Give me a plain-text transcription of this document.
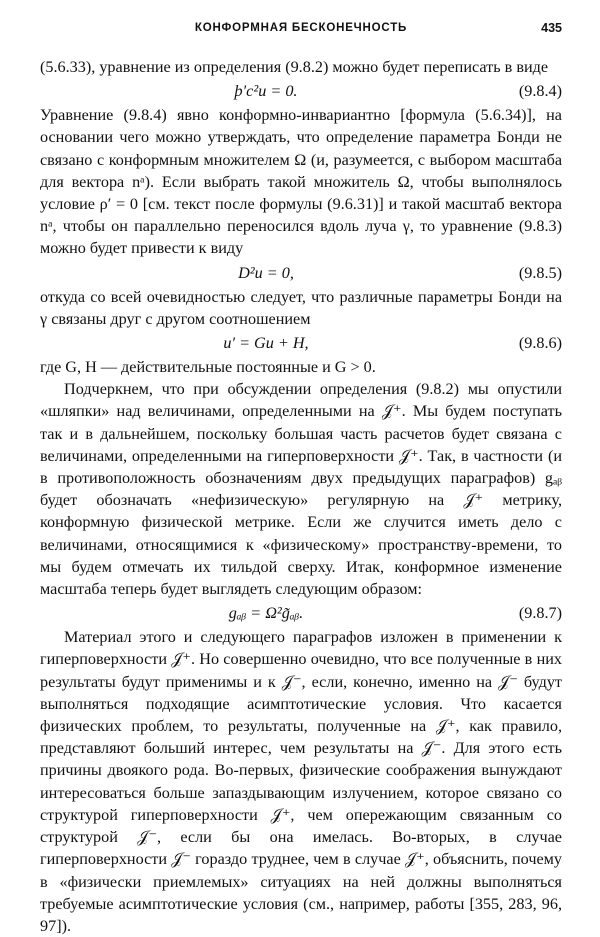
КОНФОРМНАЯ БЕСКОНЕЧНОСТЬ	435

(5.6.33), уравнение из определения (9.8.2) можно будет переписать в виде

þ′c²u = 0.	(9.8.4)

Уравнение (9.8.4) явно конформно-инвариантно [формула (5.6.34)], на основании чего можно утверждать, что определение параметра Бонди не связано с конформным множителем Ω (и, разумеется, с выбором масштаба для вектора nᵃ). Если выбрать такой множитель Ω, чтобы выполнялось условие ρ′ = 0 [см. текст после формулы (9.6.31)] и такой масштаб вектора nᵃ, чтобы он параллельно переносился вдоль луча γ, то уравнение (9.8.3) можно будет привести к виду

D²u = 0,	(9.8.5)

откуда со всей очевидностью следует, что различные параметры Бонди на γ связаны друг с другом соотношением

u′ = Gu + H,	(9.8.6)

где G, H — действительные постоянные и G > 0.

Подчеркнем, что при обсуждении определения (9.8.2) мы опустили «шляпки» над величинами, определенными на 𝒥⁺. Мы будем поступать так и в дальнейшем, поскольку большая часть расчетов будет связана с величинами, определенными на гиперповерхности 𝒥⁺. Так, в частности (и в противоположность обозначениям двух предыдущих параграфов) gₐᵦ будет обозначать «нефизическую» регулярную на 𝒥⁺ метрику, конформную физической метрике. Если же случится иметь дело с величинами, относящимися к «физическому» пространству-времени, то мы будем отмечать их тильдой сверху. Итак, конформное изменение масштаба теперь будет выглядеть следующим образом:

gₐᵦ = Ω²g̃ₐᵦ.	(9.8.7)

Материал этого и следующего параграфов изложен в применении к гиперповерхности 𝒥⁺. Но совершенно очевидно, что все полученные в них результаты будут применимы и к 𝒥⁻, если, конечно, именно на 𝒥⁻ будут выполняться подходящие асимптотические условия. Что касается физических проблем, то результаты, полученные на 𝒥⁺, как правило, представляют больший интерес, чем результаты на 𝒥⁻. Для этого есть причины двоякого рода. Во-первых, физические соображения вынуждают интересоваться больше запаздывающим излучением, которое связано со структурой гиперповерхности 𝒥⁺, чем опережающим связанным со структурой 𝒥⁻, если бы она имелась. Во-вторых, в случае гиперповерхности 𝒥⁻ гораздо труднее, чем в случае 𝒥⁺, объяснить, почему в «физически приемлемых» ситуациях на ней должны выполняться требуемые асимптотические условия (см., например, работы [355, 283, 96, 97]).
